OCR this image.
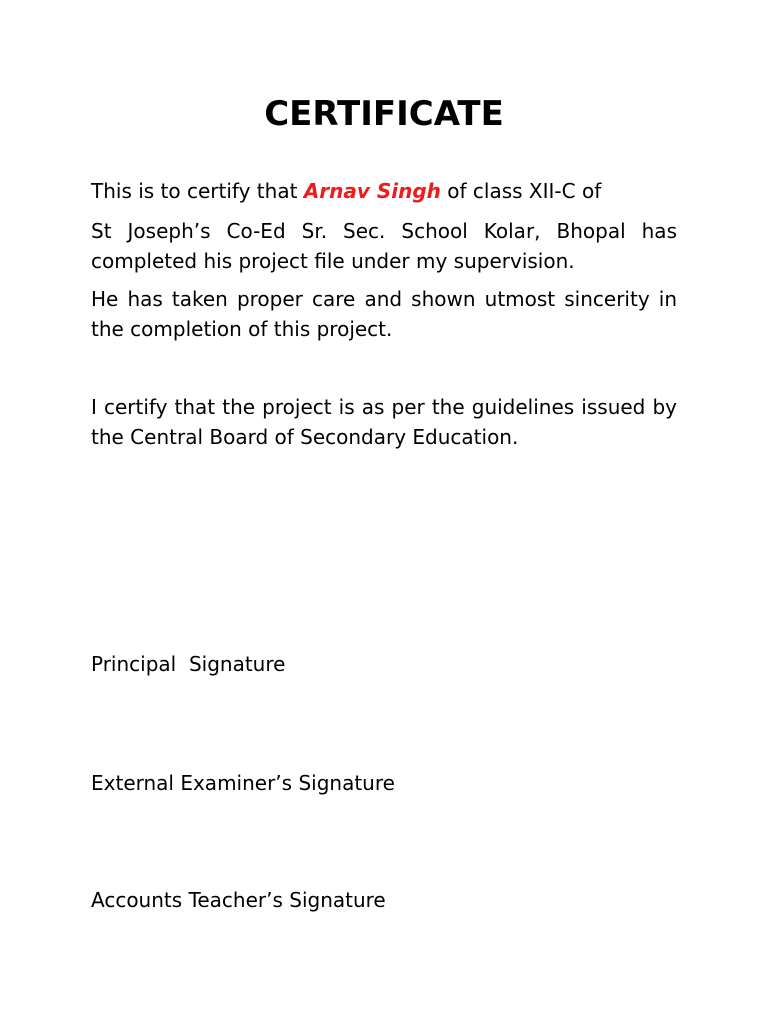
CERTIFICATE

This is to certify that Arnav Singh of class XII-C of

St Joseph’s Co-Ed Sr. Sec. School Kolar, Bhopal has completed his project file under my supervision.

He has taken proper care and shown utmost sincerity in the completion of this project.

I certify that the project is as per the guidelines issued by the Central Board of Secondary Education.

Principal  Signature

External Examiner’s Signature

Accounts Teacher’s Signature
